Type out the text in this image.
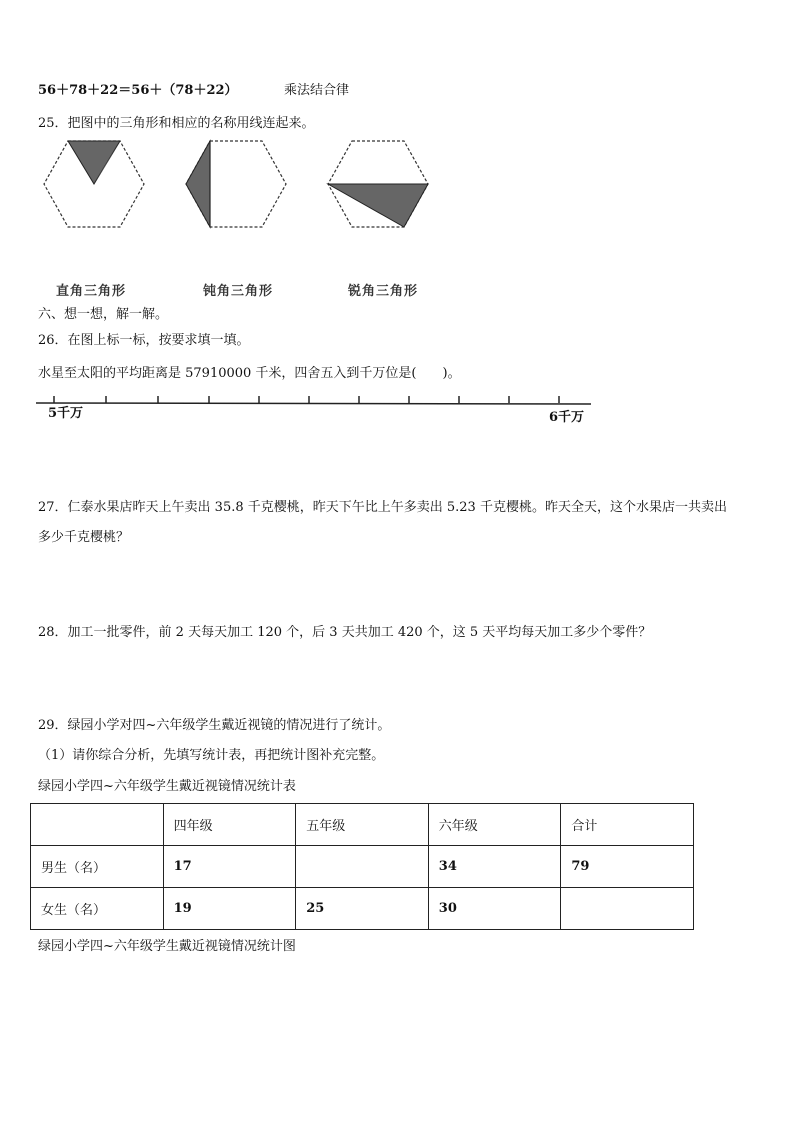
56＋78＋22＝56＋（78＋22）	乘法结合律
25．把图中的三角形和相应的名称用线连起来。
直角三角形	钝角三角形	锐角三角形
六、想一想，解一解。
26．在图上标一标，按要求填一填。
水星至太阳的平均距离是 57910000 千米，四舍五入到千万位是(　　)。
5千万	6千万
27．仁泰水果店昨天上午卖出 35.8 千克樱桃，昨天下午比上午多卖出 5.23 千克樱桃。昨天全天，这个水果店一共卖出
多少千克樱桃？
28．加工一批零件，前 2 天每天加工 120 个，后 3 天共加工 420 个，这 5 天平均每天加工多少个零件？
29．绿园小学对四~六年级学生戴近视镜的情况进行了统计。
（1）请你综合分析，先填写统计表，再把统计图补充完整。
绿园小学四~六年级学生戴近视镜情况统计表
	四年级	五年级	六年级	合计
男生（名）	17		34	79
女生（名）	19	25	30	
绿园小学四~六年级学生戴近视镜情况统计图
